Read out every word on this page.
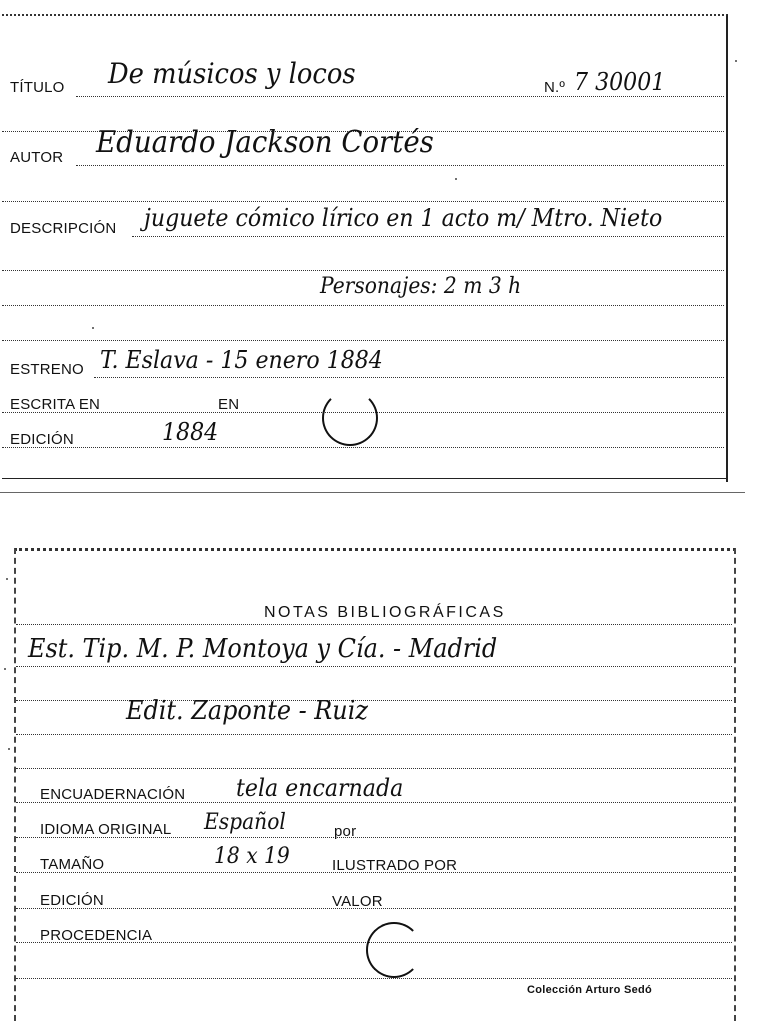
TÍTULO De músicos y locos	N.º 7 30001
AUTOR Eduardo Jackson Cortés
DESCRIPCIÓN juguete cómico lírico en 1 acto m/ Mtro. Nieto
Personajes: 2 m 3 h
ESTRENO T. Eslava - 15 enero 1884
ESCRITA EN	EN
EDICIÓN	1884
NOTAS BIBLIOGRÁFICAS
Est. Tip. M. P. Montoya y Cía. - Madrid
Edit. Zaponte - Ruiz
ENCUADERNACIÓN tela encarnada
IDIOMA ORIGINAL Español	por
TAMAÑO	18 x 19	ILUSTRADO POR
EDICIÓN	VALOR
PROCEDENCIA
Colección Arturo Sedó
